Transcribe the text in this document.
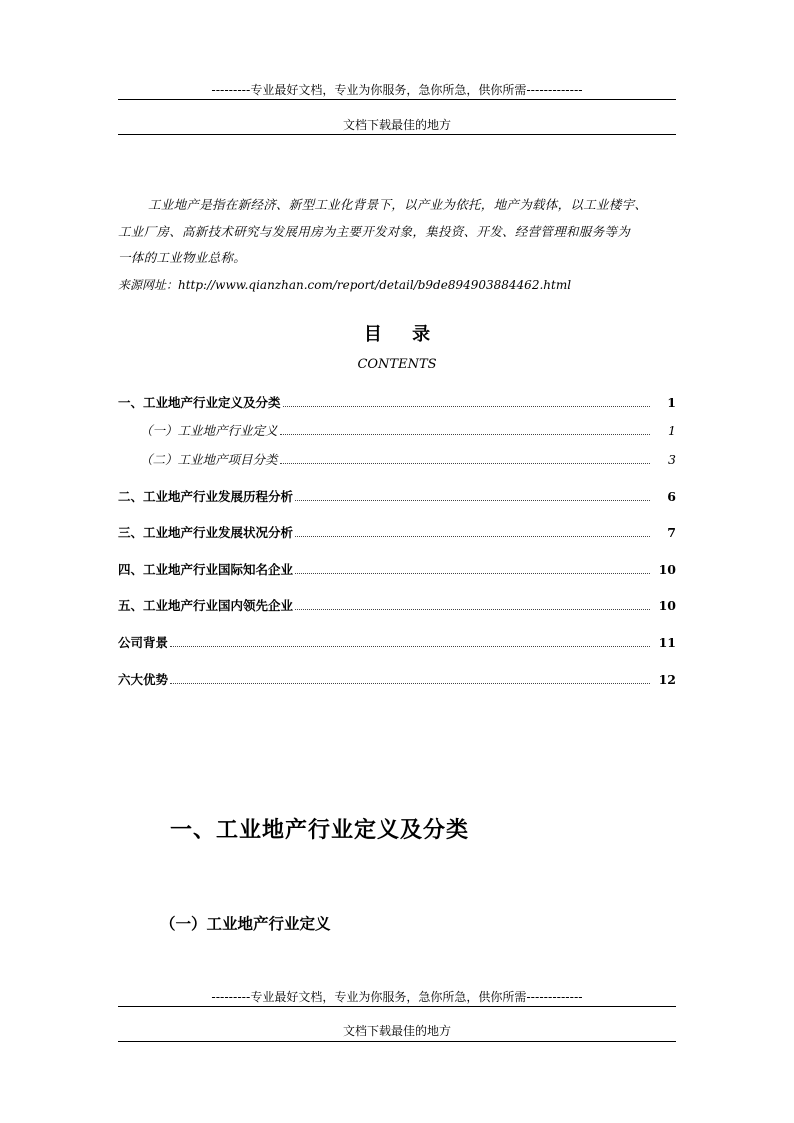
---------专业最好文档，专业为你服务，急你所急，供你所需-------------
文档下载最佳的地方
工业地产是指在新经济、新型工业化背景下，以产业为依托，地产为载体，以工业楼宇、
工业厂房、高新技术研究与发展用房为主要开发对象，集投资、开发、经营管理和服务等为
一体的工业物业总称。
来源网址：http://www.qianzhan.com/report/detail/b9de894903884462.html
目 录
CONTENTS
一、工业地产行业定义及分类	1
（一）工业地产行业定义	1
（二）工业地产项目分类	3
二、工业地产行业发展历程分析	6
三、工业地产行业发展状况分析	7
四、工业地产行业国际知名企业	10
五、工业地产行业国内领先企业	10
公司背景	11
六大优势	12
一、工业地产行业定义及分类
（一）工业地产行业定义
---------专业最好文档，专业为你服务，急你所急，供你所需-------------
文档下载最佳的地方
